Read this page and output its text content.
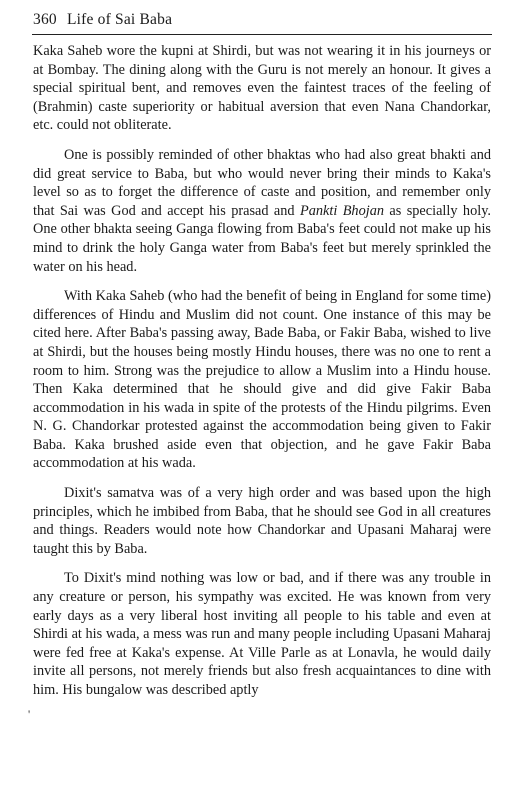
360 Life of Sai Baba

Kaka Saheb wore the kupni at Shirdi, but was not wearing it in his journeys or at Bombay. The dining along with the Guru is not merely an honour. It gives a special spiritual bent, and removes even the faintest traces of the feeling of (Brahmin) caste superiority or habitual aversion that even Nana Chandorkar, etc. could not obliterate.

One is possibly reminded of other bhaktas who had also great bhakti and did great service to Baba, but who would never bring their minds to Kaka's level so as to forget the difference of caste and position, and remember only that Sai was God and accept his prasad and Pankti Bhojan as specially holy. One other bhakta seeing Ganga flowing from Baba's feet could not make up his mind to drink the holy Ganga water from Baba's feet but merely sprinkled the water on his head.

With Kaka Saheb (who had the benefit of being in England for some time) differences of Hindu and Muslim did not count. One instance of this may be cited here. After Baba's passing away, Bade Baba, or Fakir Baba, wished to live at Shirdi, but the houses being mostly Hindu houses, there was no one to rent a room to him. Strong was the prejudice to allow a Muslim into a Hindu house. Then Kaka determined that he should give and did give Fakir Baba accommodation in his wada in spite of the protests of the Hindu pilgrims. Even N. G. Chandorkar protested against the accommodation being given to Fakir Baba. Kaka brushed aside even that objection, and he gave Fakir Baba accommodation at his wada.

Dixit's samatva was of a very high order and was based upon the high principles, which he imbibed from Baba, that he should see God in all creatures and things. Readers would note how Chandorkar and Upasani Maharaj were taught this by Baba.

To Dixit's mind nothing was low or bad, and if there was any trouble in any creature or person, his sympathy was excited. He was known from very early days as a very liberal host inviting all people to his table and even at Shirdi at his wada, a mess was run and many people including Upasani Maharaj were fed free at Kaka's expense. At Ville Parle as at Lonavla, he would daily invite all persons, not merely friends but also fresh acquaintances to dine with him. His bungalow was described aptly

'
